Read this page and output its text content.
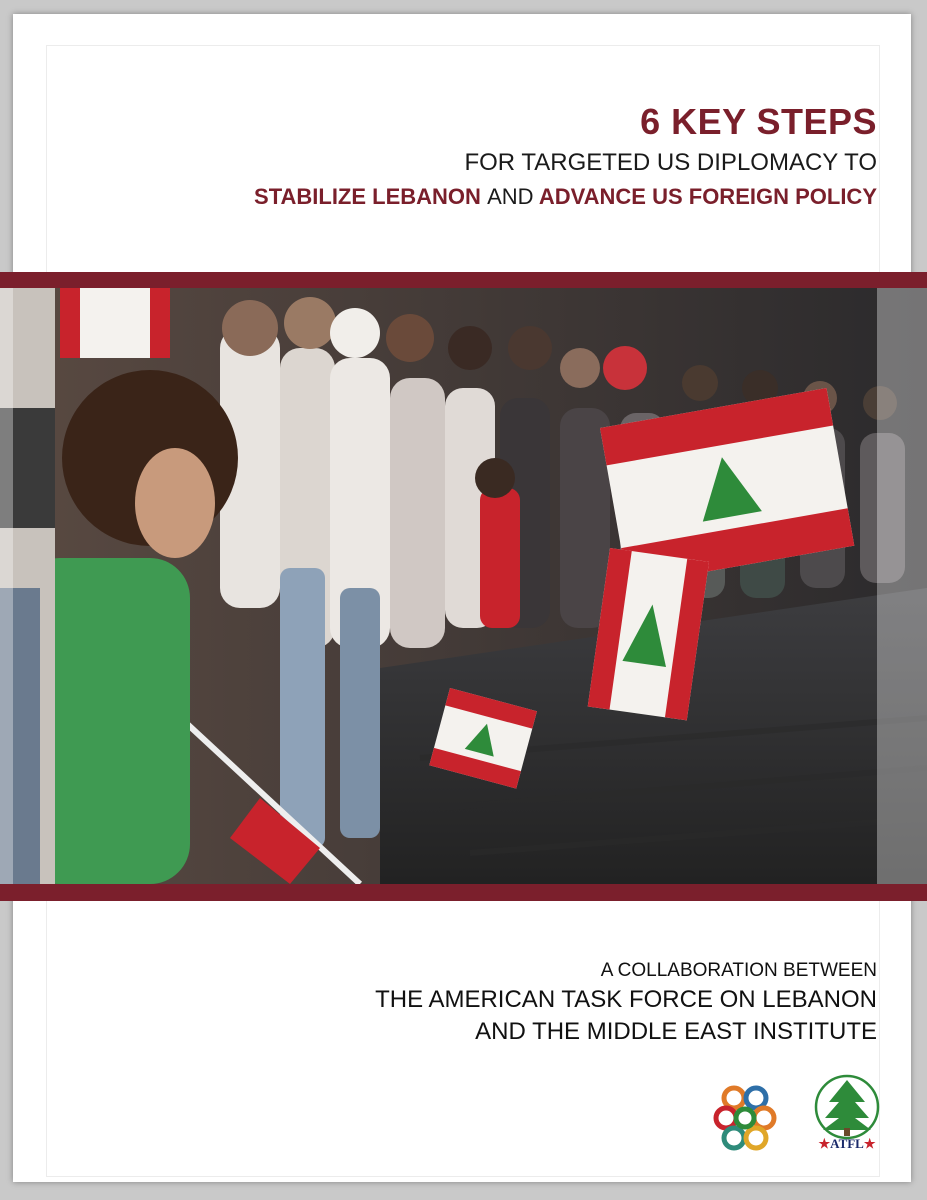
6 KEY STEPS
FOR TARGETED US DIPLOMACY TO
STABILIZE LEBANON AND ADVANCE US FOREIGN POLICY
A COLLABORATION BETWEEN
THE AMERICAN TASK FORCE ON LEBANON
AND THE MIDDLE EAST INSTITUTE
★ATFL★
